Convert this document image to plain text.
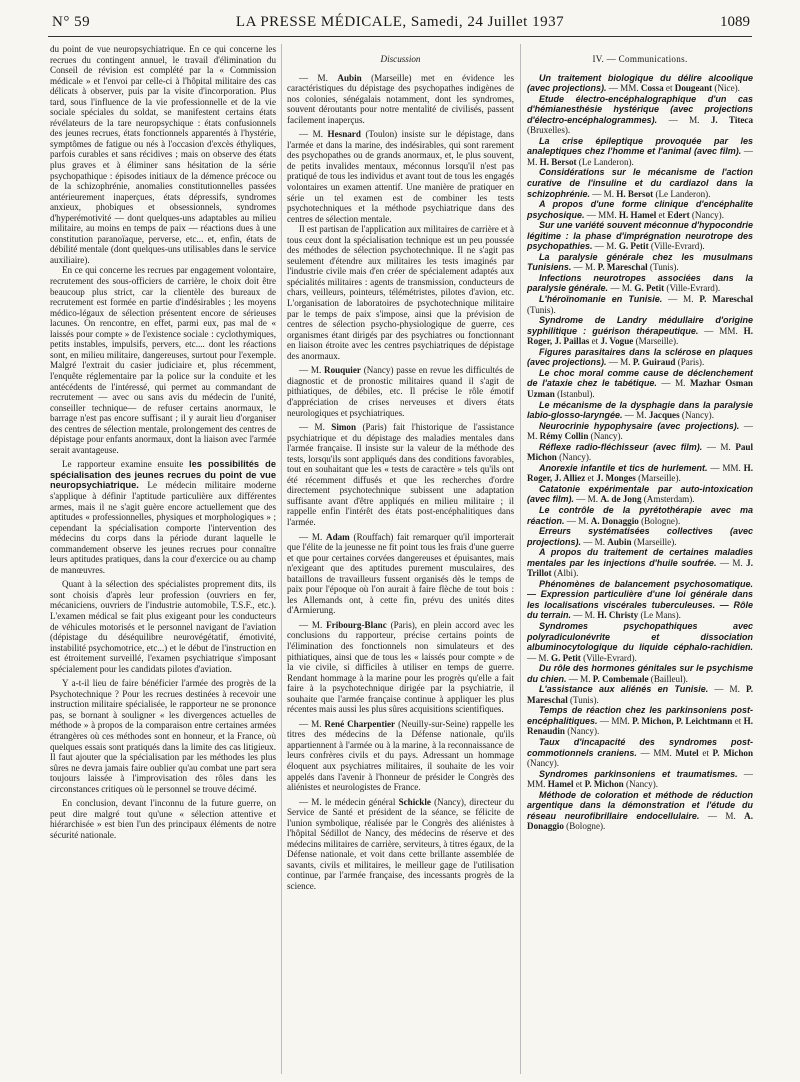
N° 59	LA PRESSE MÉDICALE, Samedi, 24 Juillet 1937	1089

du point de vue neuropsychiatrique. En ce qui concerne les recrues du contingent annuel, le travail d'élimination du Conseil de révision est complété par la « Commission médicale » et l'envoi par celle-ci à l'hôpital militaire des cas délicats à observer, puis par la visite d'incorporation. Plus tard, sous l'influence de la vie professionnelle et de la vie sociale spéciales du soldat, se manifestent certains états révélateurs de la tare neuropsychique : états confusionnels des jeunes recrues, états fonctionnels apparentés à l'hystérie, symptômes de fatigue ou nés à l'occasion d'excès éthyliques, parfois curables et sans récidives ; mais on observe des états plus graves et à éliminer sans hésitation de la série psychopathique : épisodes initiaux de la démence précoce ou de la schizophrénie, anomalies constitutionnelles passées antérieurement inaperçues, états dépressifs, syndromes anxieux, phobiques et obsessionnels, syndromes d'hyperémotivité — dont quelques-uns adaptables au milieu militaire, au moins en temps de paix — réactions dues à une constitution paranoïaque, perverse, etc... et, enfin, états de débilité mentale (dont quelques-uns utilisables dans le service auxiliaire).

En ce qui concerne les recrues par engagement volontaire, recrutement des sous-officiers de carrière, le choix doit être beaucoup plus strict, car la clientèle des bureaux de recrutement est formée en partie d'indésirables ; les moyens médico-légaux de sélection présentent encore de sérieuses lacunes. On rencontre, en effet, parmi eux, pas mal de « laissés pour compte » de l'existence sociale : cyclothymiques, petits instables, impulsifs, pervers, etc.... dont les réactions sont, en milieu militaire, dangereuses, surtout pour l'exemple. Malgré l'extrait du casier judiciaire et, plus récemment, l'enquête réglementaire par la police sur la conduite et les antécédents de l'intéressé, qui permet au commandant de recrutement — avec ou sans avis du médecin de l'unité, conseiller technique— de refuser certains anormaux, le barrage n'est pas encore suffisant ; il y aurait lieu d'organiser des centres de sélection mentale, prolongement des centres de dépistage pour enfants anormaux, dont la liaison avec l'armée serait avantageuse.

Le rapporteur examine ensuite les possibilités de spécialisation des jeunes recrues du point de vue neuropsychiatrique. Le médecin militaire moderne s'applique à définir l'aptitude particulière aux différentes armes, mais il ne s'agit guère encore actuellement que des aptitudes « professionnelles, physiques et morphologiques » ; cependant la spécialisation comporte l'intervention des médecins du corps dans la période durant laquelle le commandement observe les jeunes recrues pour connaître leurs aptitudes pratiques, dans la cour d'exercice ou au champ de manœuvres.

Quant à la sélection des spécialistes proprement dits, ils sont choisis d'après leur profession (ouvriers en fer, mécaniciens, ouvriers de l'industrie automobile, T.S.F., etc.). L'examen médical se fait plus exigeant pour les conducteurs de véhicules motorisés et le personnel navigant de l'aviation (dépistage du déséquilibre neurovégétatif, émotivité, instabilité psychomotrice, etc...) et le début de l'instruction en est étroitement surveillé, l'examen psychiatrique s'imposant spécialement pour les candidats pilotes d'aviation.

Y a-t-il lieu de faire bénéficier l'armée des progrès de la Psychotechnique ? Pour les recrues destinées à recevoir une instruction militaire spécialisée, le rapporteur ne se prononce pas, se bornant à souligner « les divergences actuelles de méthode » à propos de la comparaison entre certaines armées étrangères où ces méthodes sont en honneur, et la France, où quelques essais sont pratiqués dans la limite des cas litigieux. Il faut ajouter que la spécialisation par les méthodes les plus sûres ne devra jamais faire oublier qu'au combat une part sera toujours laissée à l'improvisation des rôles dans les circonstances critiques où le personnel se trouve décimé.

En conclusion, devant l'inconnu de la future guerre, on peut dire malgré tout qu'une « sélection attentive et hiérarchisée » est bien l'un des principaux éléments de notre sécurité nationale.

Discussion

— M. Aubin (Marseille) met en évidence les caractéristiques du dépistage des psychopathes indigènes de nos colonies, sénégalais notamment, dont les syndromes, souvent déroutants pour notre mentalité de civilisés, passent facilement inaperçus.

— M. Hesnard (Toulon) insiste sur le dépistage, dans l'armée et dans la marine, des indésirables, qui sont rarement des psychopathes ou de grands anormaux, et, le plus souvent, de petits invalides mentaux, méconnus lorsqu'il n'est pas pratiqué de tous les individus et avant tout de tous les engagés volontaires un examen attentif. Une manière de pratiquer en série un tel examen est de combiner les tests psychotechniques et la méthode psychiatrique dans des centres de sélection mentale.

Il est partisan de l'application aux militaires de carrière et à tous ceux dont la spécialisation technique est un peu poussée des méthodes de sélection psychotechnique. Il ne s'agit pas seulement d'étendre aux militaires les tests imaginés par l'industrie civile mais d'en créer de spécialement adaptés aux spécialités militaires : agents de transmission, conducteurs de chars, veilleurs, pointeurs, télémétristes, pilotes d'avion, etc. L'organisation de laboratoires de psychotechnique militaire par le temps de paix s'impose, ainsi que la prévision de centres de sélection psycho-physiologique de guerre, ces organismes étant dirigés par des psychiatres ou fonctionnant en liaison étroite avec les centres psychiatriques de dépistage des anormaux.

— M. Rouquier (Nancy) passe en revue les difficultés de diagnostic et de pronostic militaires quand il s'agit de pithiatiques, de débiles, etc. Il précise le rôle émotif d'appréciation de crises nerveuses et divers états neurologiques et psychiatriques.

— M. Simon (Paris) fait l'historique de l'assistance psychiatrique et du dépistage des maladies mentales dans l'armée française. Il insiste sur la valeur de la méthode des tests, lorsqu'ils sont appliqués dans des conditions favorables, tout en souhaitant que les « tests de caractère » tels qu'ils ont été récemment diffusés et que les recherches d'ordre directement psychotechnique subissent une adaptation suffisante avant d'être appliqués en milieu militaire ; il rappelle enfin l'intérêt des états post-encéphalitiques dans l'armée.

— M. Adam (Rouffach) fait remarquer qu'il importerait que l'élite de la jeunesse ne fit point tous les frais d'une guerre et que pour certaines corvées dangereuses et épuisantes, mais n'exigeant que des aptitudes purement musculaires, des bataillons de travailleurs fussent organisés dès le temps de paix pour l'époque où l'on aurait à faire flèche de tout bois : les Allemands ont, à cette fin, prévu des unités dites d'Armierung.

— M. Fribourg-Blanc (Paris), en plein accord avec les conclusions du rapporteur, précise certains points de l'élimination des fonctionnels non simulateurs et des pithiatiques, ainsi que de tous les « laissés pour compte » de la vie civile, si difficiles à utiliser en temps de guerre. Rendant hommage à la marine pour les progrès qu'elle a fait faire à la psychotechnique dirigée par la psychiatrie, il souhaite que l'armée française continue à appliquer les plus récentes mais aussi les plus sûres acquisitions scientifiques.

— M. René Charpentier (Neuilly-sur-Seine) rappelle les titres des médecins de la Défense nationale, qu'ils appartiennent à l'armée ou à la marine, à la reconnaissance de leurs confrères civils et du pays. Adressant un hommage éloquent aux psychiatres militaires, il souhaite de les voir appelés dans l'avenir à l'honneur de présider le Congrès des aliénistes et neurologistes de France.

— M. le médecin général Schickle (Nancy), directeur du Service de Santé et président de la séance, se félicite de l'union symbolique, réalisée par le Congrès des aliénistes à l'hôpital Sédillot de Nancy, des médecins de réserve et des médecins militaires de carrière, serviteurs, à titres égaux, de la Défense nationale, et voit dans cette brillante assemblée de savants, civils et militaires, le meilleur gage de l'utilisation continue, par l'armée française, des incessants progrès de la science.

IV. — Communications.

Un traitement biologique du délire alcoolique (avec projections). — MM. Cossa et Dougeant (Nice).

Etude électro-encéphalographique d'un cas d'hémianesthésie hystérique (avec projections d'électro-encéphalogrammes). — M. J. Titeca (Bruxelles).

La crise épileptique provoquée par les analeptiques chez l'homme et l'animal (avec film). — M. H. Bersot (Le Landeron).

Considérations sur le mécanisme de l'action curative de l'insuline et du cardiazol dans la schizophrénie. — M. H. Bersot (Le Landeron).

A propos d'une forme clinique d'encéphalite psychosique. — MM. H. Hamel et Edert (Nancy).

Sur une variété souvent méconnue d'hypocondrie légitime : la phase d'imprégnation neurotrope des psychopathies. — M. G. Petit (Ville-Evrard).

La paralysie générale chez les musulmans Tunisiens. — M. P. Mareschal (Tunis).

Infections neurotropes associées dans la paralysie générale. — M. G. Petit (Ville-Evrard).

L'héroïnomanie en Tunisie. — M. P. Mareschal (Tunis).

Syndrome de Landry médullaire d'origine syphilitique : guérison thérapeutique. — MM. H. Roger, J. Paillas et J. Vogue (Marseille).

Figures parasitaires dans la sclérose en plaques (avec projections). — M. P. Guiraud (Paris).

Le choc moral comme cause de déclenchement de l'ataxie chez le tabétique. — M. Mazhar Osman Uzman (Istanbul).

Le mécanisme de la dysphagie dans la paralysie labio-glosso-laryngée. — M. Jacques (Nancy).

Neurocrinie hypophysaire (avec projections). — M. Rémy Collin (Nancy).

Réflexe radio-fléchisseur (avec film). — M. Paul Michon (Nancy).

Anorexie infantile et tics de hurlement. — MM. H. Roger, J. Alliez et J. Monges (Marseille).

Catatonie expérimentale par auto-intoxication (avec film). — M. A. de Jong (Amsterdam).

Le contrôle de la pyrétothérapie avec ma réaction. — M. A. Donaggio (Bologne).

Erreurs systématisées collectives (avec projections). — M. Aubin (Marseille).

A propos du traitement de certaines maladies mentales par les injections d'huile soufrée. — M. J. Trillot (Albi).

Phénomènes de balancement psychosomatique. — Expression particulière d'une loi générale dans les localisations viscérales tuberculeuses. — Rôle du terrain. — M. H. Christy (Le Mans).

Syndromes psychopathiques avec polyradiculonévrite et dissociation albuminocytologique du liquide céphalo-rachidien. — M. G. Petit (Ville-Evrard).

Du rôle des hormones génitales sur le psychisme du chien. — M. P. Combemale (Bailleul).

L'assistance aux aliénés en Tunisie. — M. P. Mareschal (Tunis).

Temps de réaction chez les parkinsoniens post-encéphalitiques. — MM. P. Michon, P. Leichtmann et H. Renaudin (Nancy).

Taux d'incapacité des syndromes post-commotionnels craniens. — MM. Mutel et P. Michon (Nancy).

Syndromes parkinsoniens et traumatismes. — MM. Hamel et P. Michon (Nancy).

Méthode de coloration et méthode de réduction argentique dans la démonstration et l'étude du réseau neurofibrillaire endocellulaire. — M. A. Donaggio (Bologne).
